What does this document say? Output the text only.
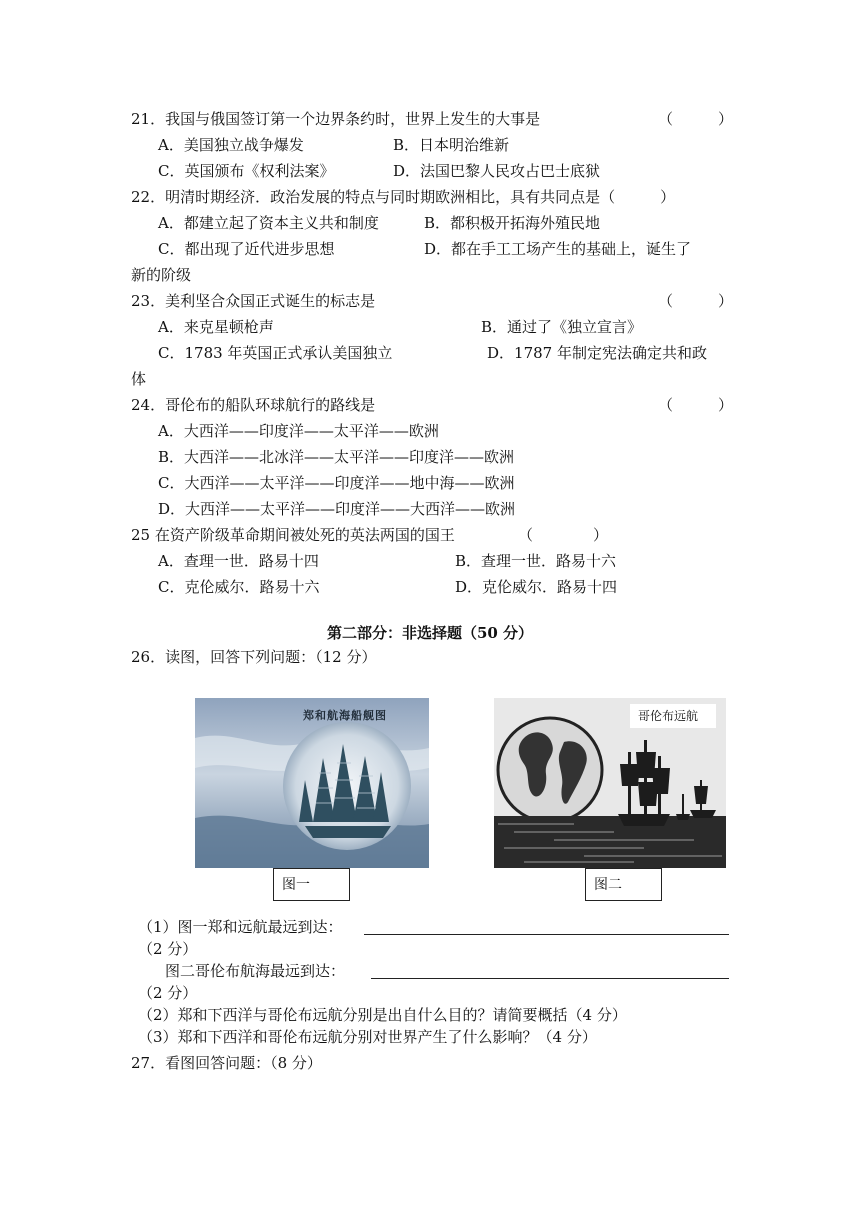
21．我国与俄国签订第一个边界条约时，世界上发生的大事是	（　　　）
A．美国独立战争爆发	B．日本明治维新
C．英国颁布《权利法案》	D．法国巴黎人民攻占巴士底狱
22．明清时期经济．政治发展的特点与同时期欧洲相比，具有共同点是（　　　）
A．都建立起了资本主义共和制度	B．都积极开拓海外殖民地
C．都出现了近代进步思想	D．都在手工工场产生的基础上，诞生了
新的阶级
23．美利坚合众国正式诞生的标志是	（　　　）
A．来克星顿枪声	B．通过了《独立宣言》
C．1783 年英国正式承认美国独立	D．1787 年制定宪法确定共和政
体
24．哥伦布的船队环球航行的路线是	（　　　）
A．大西洋——印度洋——太平洋——欧洲
B．大西洋——北冰洋——太平洋——印度洋——欧洲
C．大西洋——太平洋——印度洋——地中海——欧洲
D．大西洋——太平洋——印度洋——大西洋——欧洲
25 在资产阶级革命期间被处死的英法两国的国王	（　　　　）
A．查理一世．路易十四	B．查理一世．路易十六
C．克伦威尔．路易十六	D．克伦威尔．路易十四
第二部分：非选择题（50 分）
26．读图，回答下列问题：（12 分）
郑和航海船舰图	哥伦布远航
图一	图二
（1）图一郑和远航最远到达：
（2 分）
图二哥伦布航海最远到达：
（2 分）
（2）郑和下西洋与哥伦布远航分别是出自什么目的？请简要概括（4 分）
（3）郑和下西洋和哥伦布远航分别对世界产生了什么影响？（4 分）
27．看图回答问题：（8 分）
